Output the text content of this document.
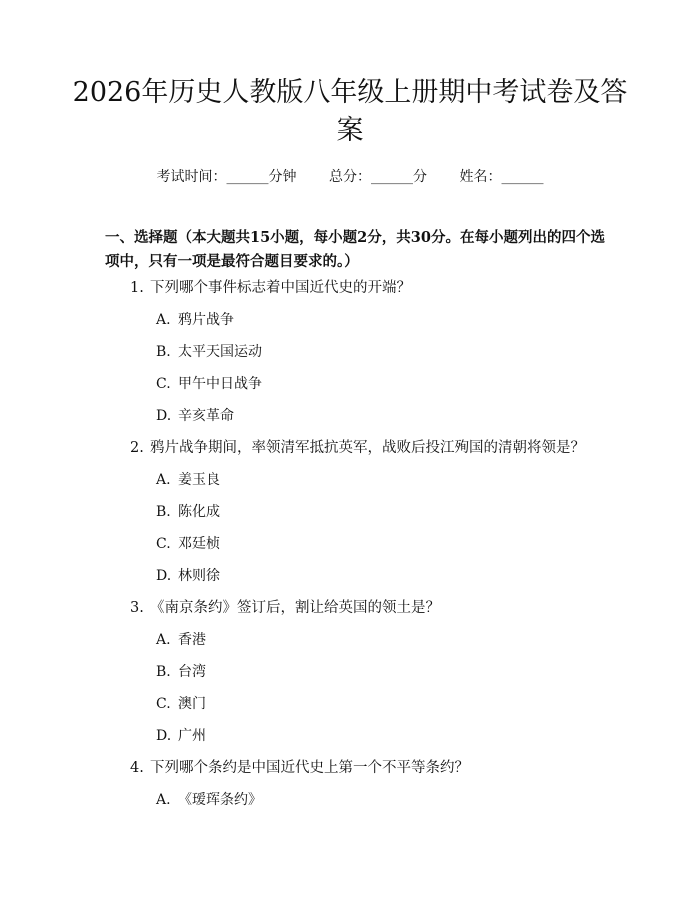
2026年历史人教版八年级上册期中考试卷及答案
考试时间：______分钟 总分：______分 姓名：______

一、选择题（本大题共15小题，每小题2分，共30分。在每小题列出的四个选项中，只有一项是最符合题目要求的。）

1. 下列哪个事件标志着中国近代史的开端？
A. 鸦片战争
B. 太平天国运动
C. 甲午中日战争
D. 辛亥革命
2. 鸦片战争期间，率领清军抵抗英军，战败后投江殉国的清朝将领是？
A. 姜玉良
B. 陈化成
C. 邓廷桢
D. 林则徐
3. 《南京条约》签订后，割让给英国的领土是？
A. 香港
B. 台湾
C. 澳门
D. 广州
4. 下列哪个条约是中国近代史上第一个不平等条约？
A. 《瑷珲条约》
